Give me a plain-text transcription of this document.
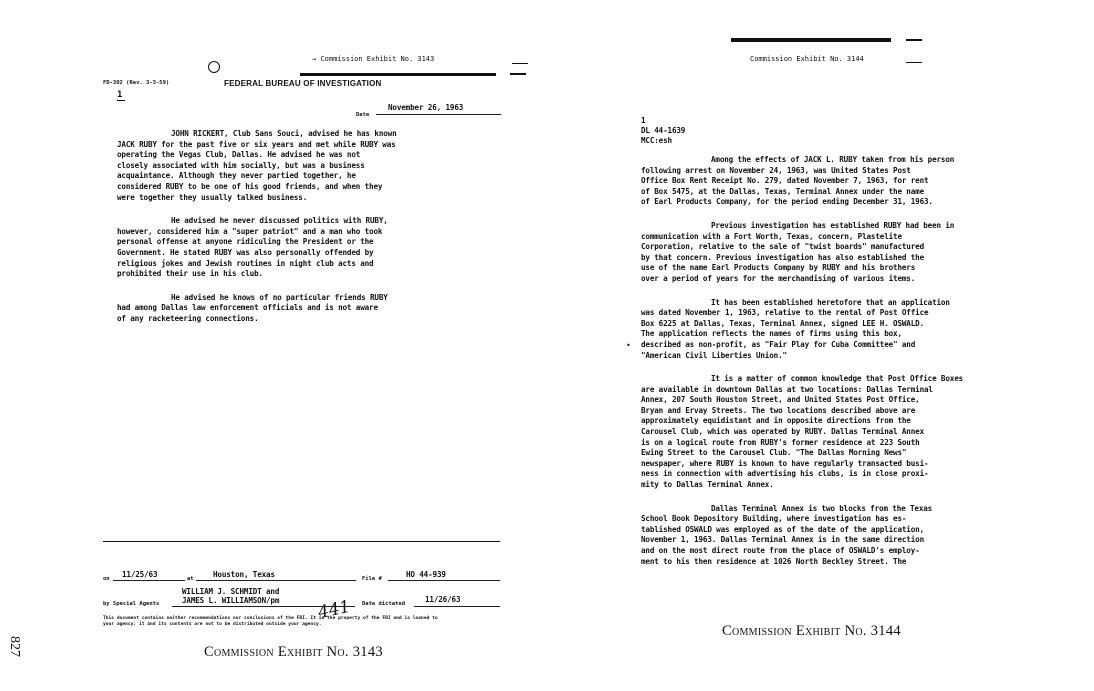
→ Commission Exhibit No. 3143
FD-302 (Rev. 3-3-59)	FEDERAL BUREAU OF INVESTIGATION
1
Date
November 26, 1963
JOHN RICKERT, Club Sans Souci, advised he has known
JACK RUBY for the past five or six years and met while RUBY was
operating the Vegas Club, Dallas. He advised he was not
closely associated with him socially, but was a business
acquaintance. Although they never partied together, he
considered RUBY to be one of his good friends, and when they
were together they usually talked business.
He advised he never discussed politics with RUBY,
however, considered him a "super patriot" and a man who took
personal offense at anyone ridiculing the President or the
Government. He stated RUBY was also personally offended by
religious jokes and Jewish routines in night club acts and
prohibited their use in his club.
He advised he knows of no particular friends RUBY
had among Dallas law enforcement officials and is not aware
of any racketeering connections.
on 11/25/63	at	Houston, Texas	File #	HO 44-939
WILLIAM J. SCHMIDT and
by Special Agents	JAMES L. WILLIAMSON/pm	Date dictated	11/26/63
441
This document contains neither recommendations nor conclusions of the FBI. It is the property of the FBI and is loaned to
your agency; it and its contents are not to be distributed outside your agency.
Commission Exhibit No. 3143
827
Commission Exhibit No. 3144
1
DL 44-1639
MCC:esh
Among the effects of JACK L. RUBY taken from his person
following arrest on November 24, 1963, was United States Post
Office Box Rent Receipt No. 279, dated November 7, 1963, for rent
of Box 5475, at the Dallas, Texas, Terminal Annex under the name
of Earl Products Company, for the period ending December 31, 1963.
Previous investigation has established RUBY had been in
communication with a Fort Worth, Texas, concern, Plastelite
Corporation, relative to the sale of "twist boards" manufactured
by that concern. Previous investigation has also established the
use of the name Earl Products Company by RUBY and his brothers
over a period of years for the merchandising of various items.
It has been established heretofore that an application
was dated November 1, 1963, relative to the rental of Post Office
Box 6225 at Dallas, Texas, Terminal Annex, signed LEE H. OSWALD.
The application reflects the names of firms using this box,
described as non-profit, as "Fair Play for Cuba Committee" and
"American Civil Liberties Union."
It is a matter of common knowledge that Post Office Boxes
are available in downtown Dallas at two locations: Dallas Terminal
Annex, 207 South Houston Street, and United States Post Office,
Bryan and Ervay Streets. The two locations described above are
approximately equidistant and in opposite directions from the
Carousel Club, which was operated by RUBY. Dallas Terminal Annex
is on a logical route from RUBY's former residence at 223 South
Ewing Street to the Carousel Club. "The Dallas Morning News"
newspaper, where RUBY is known to have regularly transacted busi-
ness in connection with advertising his clubs, is in close proxi-
mity to Dallas Terminal Annex.
Dallas Terminal Annex is two blocks from the Texas
School Book Depository Building, where investigation has es-
tablished OSWALD was employed as of the date of the application,
November 1, 1963. Dallas Terminal Annex is in the same direction
and on the most direct route from the place of OSWALD's employ-
ment to his then residence at 1026 North Beckley Street. The
•
Commission Exhibit No. 3144
